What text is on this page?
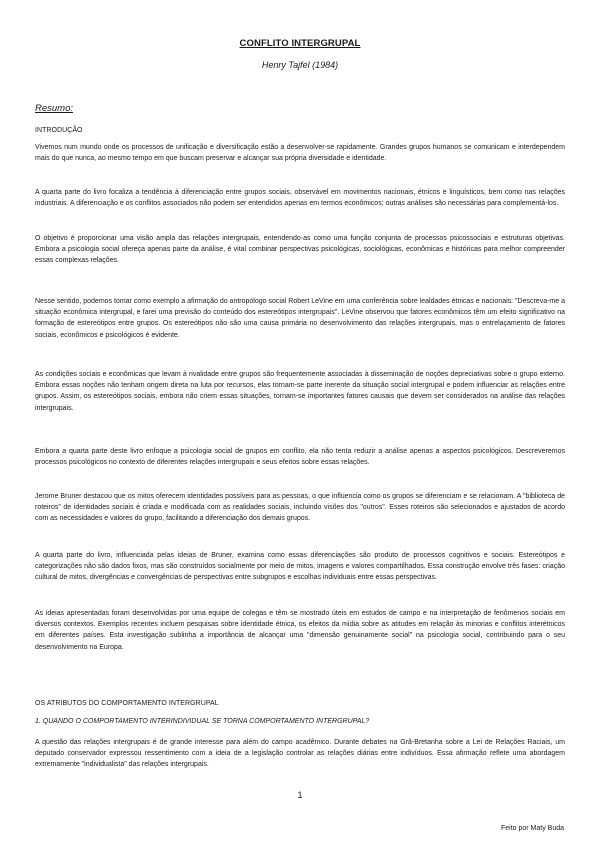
CONFLITO INTERGRUPAL
Henry Tajfel (1984)
Resumo:
INTRODUÇÃO

Vivemos num mundo onde os processos de unificação e diversificação estão a desenvolver-se rapidamente. Grandes grupos humanos se comunicam e interdependem mais do que nunca, ao mesmo tempo em que buscam preservar e alcançar sua própria diversidade e identidade.

A quarta parte do livro focaliza a tendência à diferenciação entre grupos sociais, observável em movimentos nacionais, étnicos e linguísticos, bem como nas relações industriais. A diferenciação e os conflitos associados não podem ser entendidos apenas em termos econômicos; outras análises são necessárias para complementá-los.

O objetivo é proporcionar uma visão ampla das relações intergrupais, entendendo-as como uma função conjunta de processos psicossociais e estruturas objetivas. Embora a psicologia social ofereça apenas parte da análise, é vital combinar perspectivas psicológicas, sociológicas, econômicas e históricas para melhor compreender essas complexas relações.

Nesse sentido, podemos tomar como exemplo a afirmação do antropólogo social Robert LeVine em uma conferência sobre lealdades étnicas e nacionais: "Descreva-me a situação econômica intergrupal, e farei uma previsão do conteúdo dos estereótipos intergrupais". LeVine observou que fatores econômicos têm um efeito significativo na formação de estereótipos entre grupos. Os estereótipos não são uma causa primária no desenvolvimento das relações intergrupais, mas o entrelaçamento de fatores sociais, econômicos e psicológicos é evidente.

As condições sociais e econômicas que levam à rivalidade entre grupos são frequentemente associadas à disseminação de noções depreciativas sobre o grupo externo. Embora essas noções não tenham origem direta na luta por recursos, elas tornam-se parte inerente da situação social intergrupal e podem influenciar as relações entre grupos. Assim, os estereótipos sociais, embora não criem essas situações, tornam-se importantes fatores causais que devem ser considerados na análise das relações intergrupais.

Embora a quarta parte deste livro enfoque a psicologia social de grupos em conflito, ela não tenta reduzir a análise apenas a aspectos psicológicos. Descreveremos processos psicológicos no contexto de diferentes relações intergrupais e seus efeitos sobre essas relações.

Jerome Bruner destacou que os mitos oferecem identidades possíveis para as pessoas, o que influencia como os grupos se diferenciam e se relacionam. A "biblioteca de roteiros" de identidades sociais é criada e modificada com as realidades sociais, incluindo visões dos "outros". Esses roteiros são selecionados e ajustados de acordo com as necessidades e valores do grupo, facilitando a diferenciação dos demais grupos.

A quarta parte do livro, influenciada pelas ideias de Bruner, examina como essas diferenciações são produto de processos cognitivos e sociais. Estereótipos e categorizações não são dados fixos, mas são construídos socialmente por meio de mitos, imagens e valores compartilhados. Essa construção envolve três fases: criação cultural de mitos, divergências e convergências de perspectivas entre subgrupos e escolhas individuais entre essas perspectivas.

As ideias apresentadas foram desenvolvidas por uma equipe de colegas e têm se mostrado úteis em estudos de campo e na interpretação de fenômenos sociais em diversos contextos. Exemplos recentes incluem pesquisas sobre identidade étnica, os efeitos da mídia sobre as atitudes em relação às minorias e conflitos interétnicos em diferentes países. Esta investigação sublinha a importância de alcançar uma "dimensão genuinamente social" na psicologia social, contribuindo para o seu desenvolvimento na Europa.

OS ATRIBUTOS DO COMPORTAMENTO INTERGRUPAL
1. QUANDO O COMPORTAMENTO INTERINDIVIDUAL SE TORNA COMPORTAMENTO INTERGRUPAL?

A questão das relações intergrupais é de grande interesse para além do campo acadêmico. Durante debates na Grã-Bretanha sobre a Lei de Relações Raciais, um deputado conservador expressou ressentimento com a ideia de a legislação controlar as relações diárias entre indivíduos. Essa afirmação reflete uma abordagem extremamente "individualista" das relações intergrupais.

1
Feito por Maty Buda
